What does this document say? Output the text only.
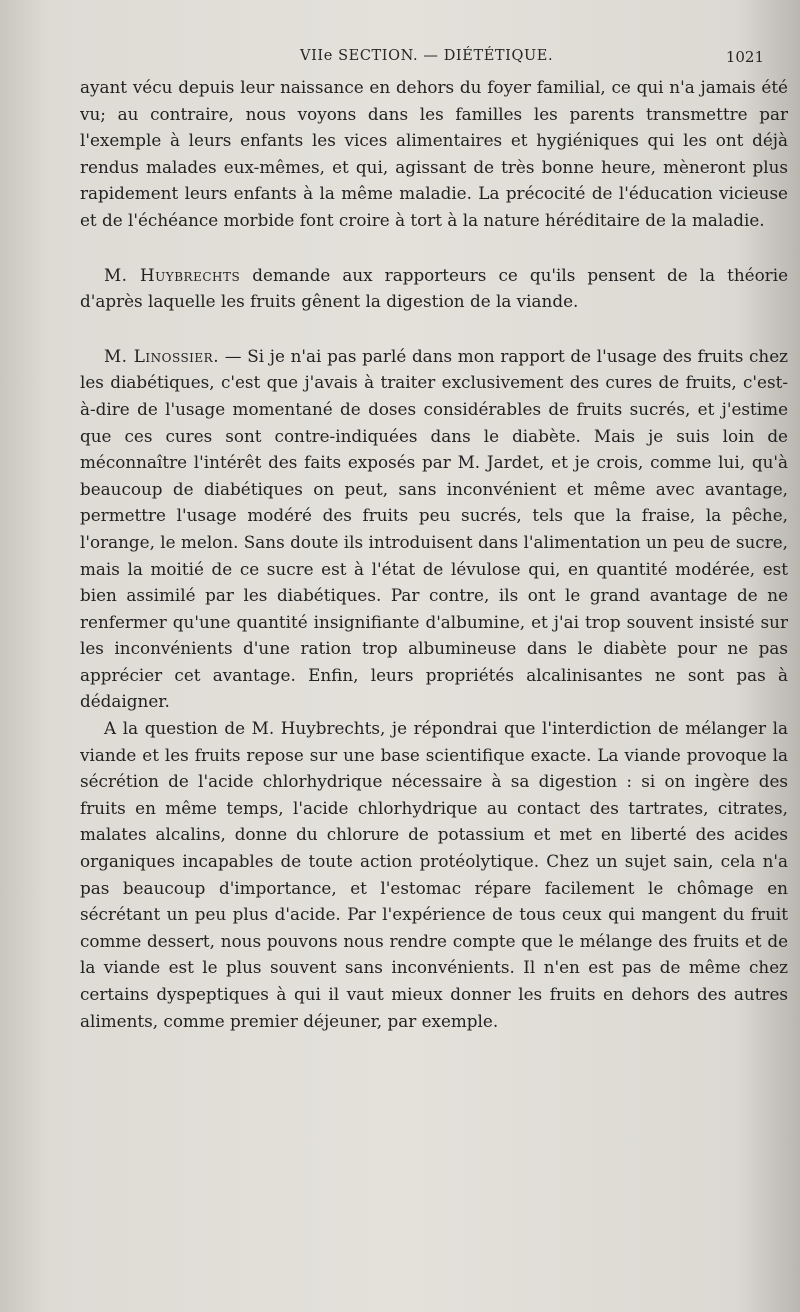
VIIe SECTION. — DIÉTÉTIQUE.	1021

ayant vécu depuis leur naissance en dehors du foyer familial, ce qui n'a jamais été vu; au contraire, nous voyons dans les familles les parents transmettre par l'exemple à leurs enfants les vices alimentaires et hygiéniques qui les ont déjà rendus malades eux-mêmes, et qui, agissant de très bonne heure, mèneront plus rapidement leurs enfants à la même maladie. La précocité de l'éducation vicieuse et de l'échéance morbide font croire à tort à la nature héréditaire de la maladie.

M. Huybrechts demande aux rapporteurs ce qu'ils pensent de la théorie d'après laquelle les fruits gênent la digestion de la viande.

M. Linossier. — Si je n'ai pas parlé dans mon rapport de l'usage des fruits chez les diabétiques, c'est que j'avais à traiter exclusivement des cures de fruits, c'est-à-dire de l'usage momentané de doses considérables de fruits sucrés, et j'estime que ces cures sont contre-indiquées dans le diabète. Mais je suis loin de méconnaître l'intérêt des faits exposés par M. Jardet, et je crois, comme lui, qu'à beaucoup de diabétiques on peut, sans inconvénient et même avec avantage, permettre l'usage modéré des fruits peu sucrés, tels que la fraise, la pêche, l'orange, le melon. Sans doute ils introduisent dans l'alimentation un peu de sucre, mais la moitié de ce sucre est à l'état de lévulose qui, en quantité modérée, est bien assimilé par les diabétiques. Par contre, ils ont le grand avantage de ne renfermer qu'une quantité insignifiante d'albumine, et j'ai trop souvent insisté sur les inconvénients d'une ration trop albumineuse dans le diabète pour ne pas apprécier cet avantage. Enfin, leurs propriétés alcalinisantes ne sont pas à dédaigner.

A la question de M. Huybrechts, je répondrai que l'interdiction de mélanger la viande et les fruits repose sur une base scientifique exacte. La viande provoque la sécrétion de l'acide chlorhydrique nécessaire à sa digestion : si on ingère des fruits en même temps, l'acide chlorhydrique au contact des tartrates, citrates, malates alcalins, donne du chlorure de potassium et met en liberté des acides organiques incapables de toute action protéolytique. Chez un sujet sain, cela n'a pas beaucoup d'importance, et l'estomac répare facilement le chômage en sécrétant un peu plus d'acide. Par l'expérience de tous ceux qui mangent du fruit comme dessert, nous pouvons nous rendre compte que le mélange des fruits et de la viande est le plus souvent sans inconvénients. Il n'en est pas de même chez certains dyspeptiques à qui il vaut mieux donner les fruits en dehors des autres aliments, comme premier déjeuner, par exemple.
